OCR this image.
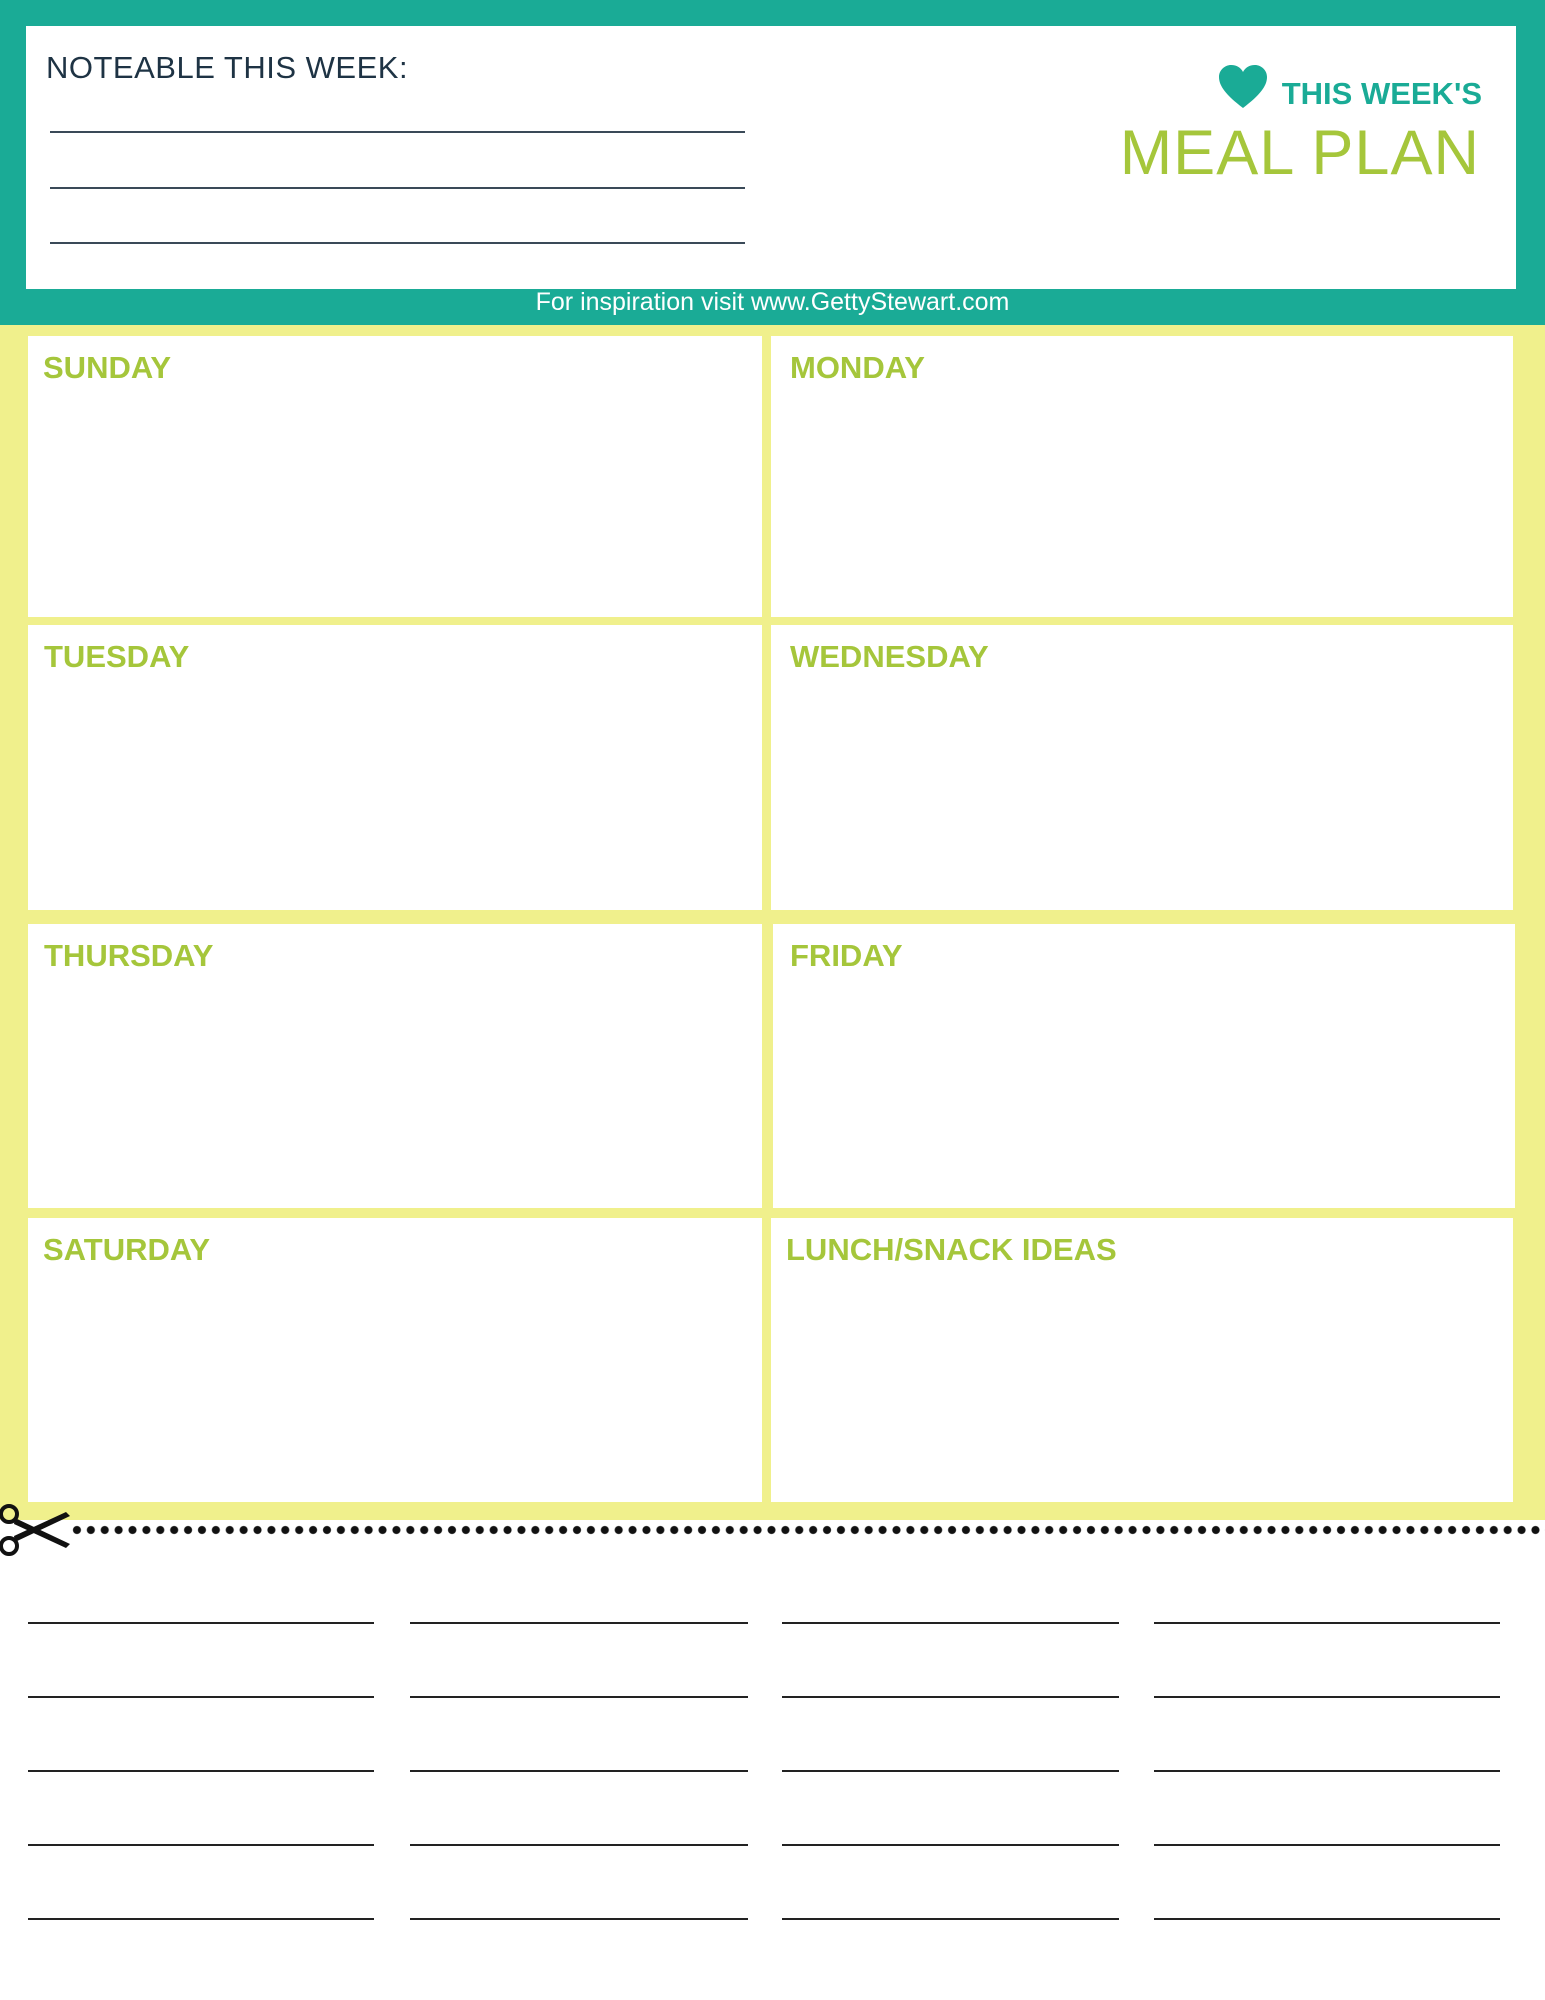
NOTEABLE THIS WEEK:
THIS WEEK'S
MEAL PLAN
For inspiration visit www.GettyStewart.com
SUNDAY	MONDAY
TUESDAY	WEDNESDAY
THURSDAY	FRIDAY
SATURDAY	LUNCH/SNACK IDEAS
